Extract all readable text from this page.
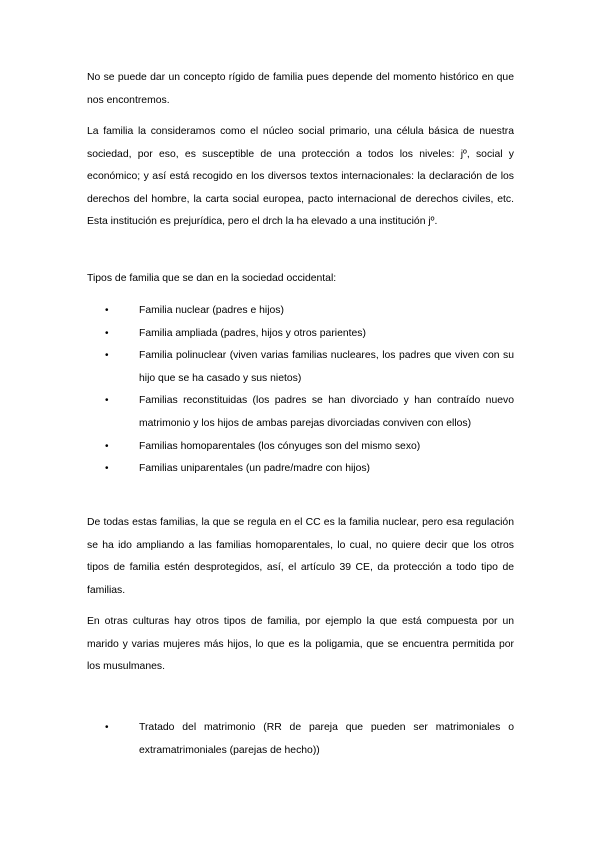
No se puede dar un concepto rígido de familia pues depende del momento histórico en que nos encontremos.

La familia la consideramos como el núcleo social primario, una célula básica de nuestra sociedad, por eso, es susceptible de una protección a todos los niveles: jº, social y económico; y así está recogido en los diversos textos internacionales: la declaración de los derechos del hombre, la carta social europea, pacto internacional de derechos civiles, etc. Esta institución es prejurídica, pero el drch la ha elevado a una institución jº.

Tipos de familia que se dan en la sociedad occidental:

•	Familia nuclear (padres e hijos)
•	Familia ampliada (padres, hijos y otros parientes)
•	Familia polinuclear (viven varias familias nucleares, los padres que viven con su hijo que se ha casado y sus nietos)
•	Familias reconstituidas (los padres se han divorciado y han contraído nuevo matrimonio y los hijos de ambas parejas divorciadas conviven con ellos)
•	Familias homoparentales (los cónyuges son del mismo sexo)
•	Familias uniparentales (un padre/madre con hijos)

De todas estas familias, la que se regula en el CC es la familia nuclear, pero esa regulación se ha ido ampliando a las familias homoparentales, lo cual, no quiere decir que los otros tipos de familia estén desprotegidos, así, el artículo 39 CE, da protección a todo tipo de familias.

En otras culturas hay otros tipos de familia, por ejemplo la que está compuesta por un marido y varias mujeres más hijos, lo que es la poligamia, que se encuentra permitida por los musulmanes.

•	Tratado del matrimonio (RR de pareja que pueden ser matrimoniales o extramatrimoniales (parejas de hecho))
